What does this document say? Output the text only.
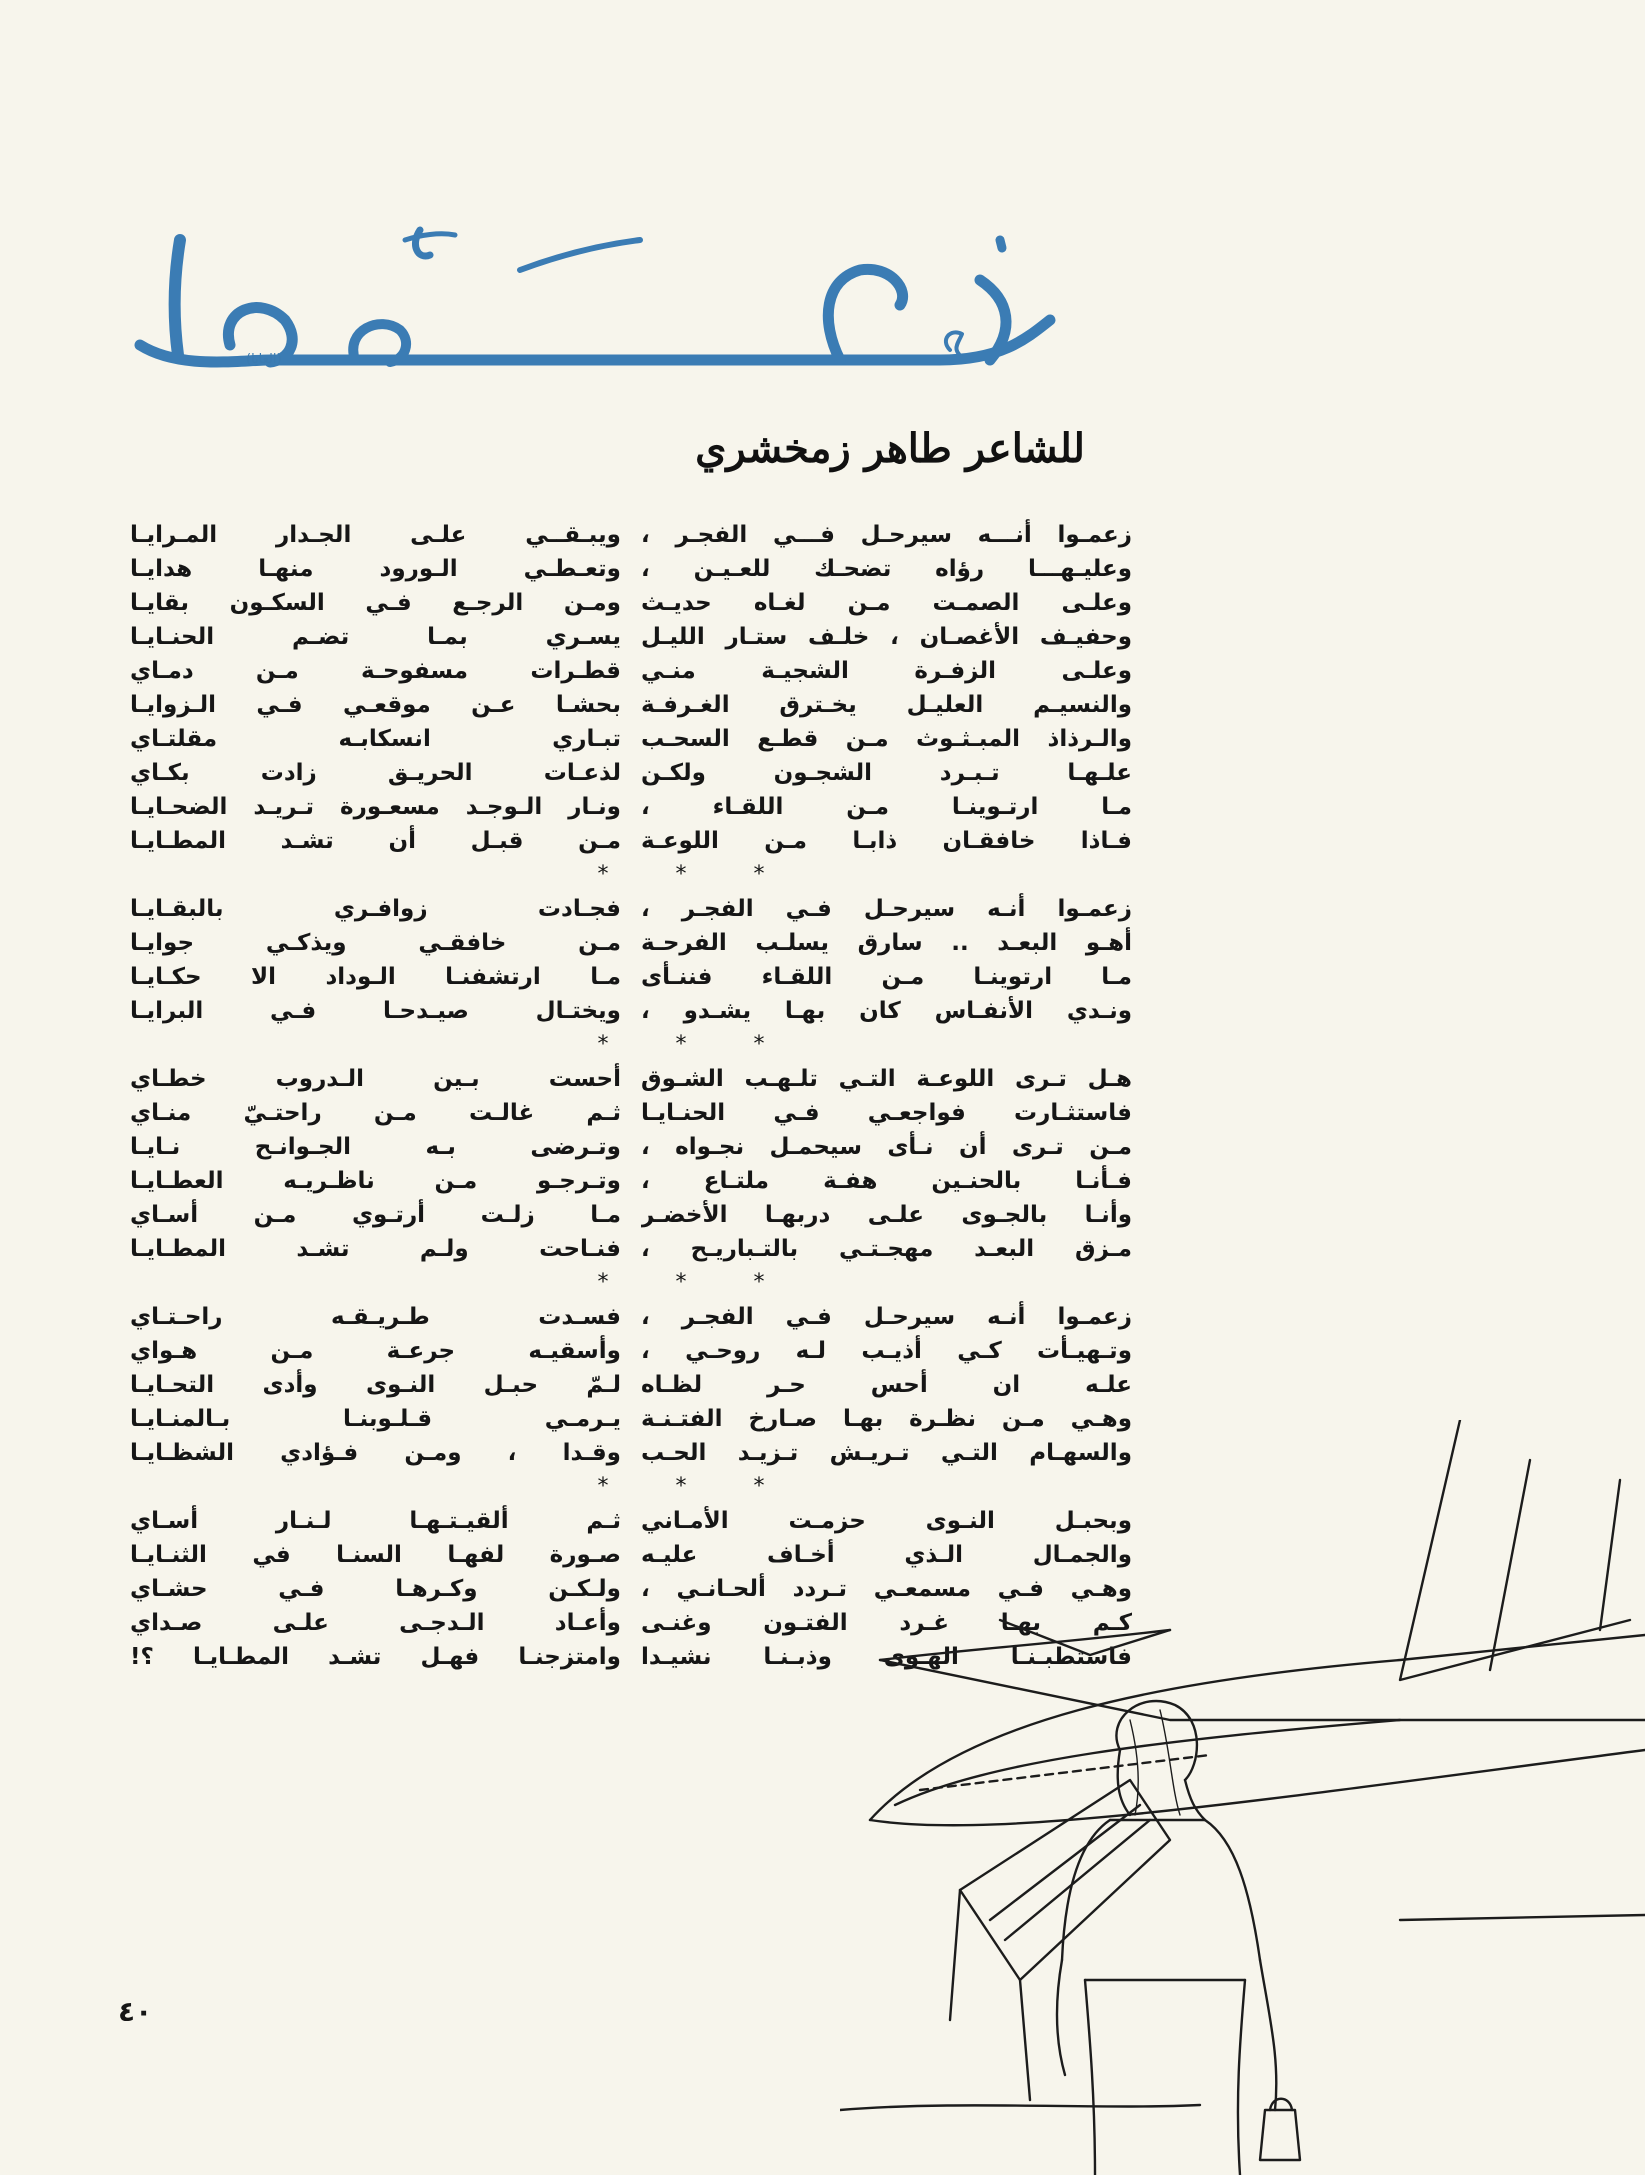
(العايا)
للشاعر طاهر زمخشري
زعمـوا أنـــه سيرحـل فـــي الفجـر ،
ويبـقــي علـى الجـدار المـرايـا
وعليـهـــا رؤاه تضحـك للعـيـن ،
وتعـطـي الـورود منهـا هدايـا
وعلـى الصمـت مـن لغـاه حديـث
ومـن الرجـع فـي السكـون بقايـا
وحفيـف الأغصـان ، خلـف ستـار الليـل
يسـري بمـا تضـم الحنـايـا
وعلـى الزفـرة الشجيـة منـي
قطـرات مسفوحـة مـن دمـاي
والنسيـم العليـل يخـترق الغـرفـة
بحشـا عـن موقعـي فـي الـزوايـا
والـرذاذ المبـثـوث مـن قطـع السحـب
تبـاري انسكابـه مقلتـاي
علـهـا تـبـرد الشجـون ولكـن
لذعـات الحريـق زادت بكـاي
مـا ارتـوينـا مـن اللقـاء ،
ونـار الـوجـد مسعـورة تـريـد الضحـايـا
فـاذا خافقـان ذابـا مـن اللوعـة
مـن قبـل أن تشـد المطـايـا
* * *
زعمـوا أنـه سيرحـل فـي الفجـر ،
فجـادت زوافـري بالبقـايـا
أهـو البعـد .. سارق يسلـب الفرحـة
مـن خافقـي ويذكـي جوايـا
مـا ارتوينـا مـن اللقـاء فننـأى
مـا ارتشفنـا الـوداد الا حكـايـا
ونـدي الأنفـاس كان بهـا يشـدو ،
ويختـال صيـدحـا فـي البرايـا
* * *
هـل تـرى اللوعـة التـي تلـهـب الشـوق
أحست بـين الـدروب خطـاي
فاستثـارت فواجعـي فـي الحنـايـا
ثـم غالـت مـن راحتـيّ منـاي
مـن تـرى أن نـأى سيحمـل نجـواه ،
وتـرضى بـه الجـوانـح نـايـا
فـأنـا بالحنـين هفـة ملتـاع ،
وتـرجـو مـن ناظـريـه العطـايـا
وأنـا بالجـوى علـى دربهـا الأخضـر
مـا زلـت أرتـوي مـن أسـاي
مـزق البعـد مهجـتـي بالتـباريـح ،
فنـاحت ولـم تشـد المطـايـا
* * *
زعمـوا أنـه سيرحـل فـي الفجـر ،
فسـدت طـريـقـه راحـتـاي
وتـهيـأت كـي أذيـب لـه روحـي ،
وأسقيـه جرعـة مـن هـواي
علـه ان أحس حـر لظـاه
لـمّ حبـل النـوى وأدى التحـايـا
وهـي مـن نظـرة بهـا صـارخ الفتـنـة
يـرمـي قـلـوبنـا بـالمنـايـا
والسهـام التـي تـريـش تـزيـد الحـب
وقـدا ، ومـن فـؤادي الشظـايـا
* * *
وبحبـل النـوى حزمـت الأمـاني
ثـم ألقيـتـهـا لـنـار أسـاي
والجمـال الـذي أخـاف عليـه
صـورة لفهـا السنـا في الثنـايـا
وهـي فـي مسمعـي تـردد ألحـانـي ،
ولـكـن وكـرهـا فـي حشـاي
كـم بهـا غـرد الفتـون وغنـى
وأعـاد الـدجـى علـى صـداي
فاستطبـنـا الهـوى وذبـنـا نشيـدا
وامتزجنـا فهـل تشـد المطـايـا ؟!
٤٠
